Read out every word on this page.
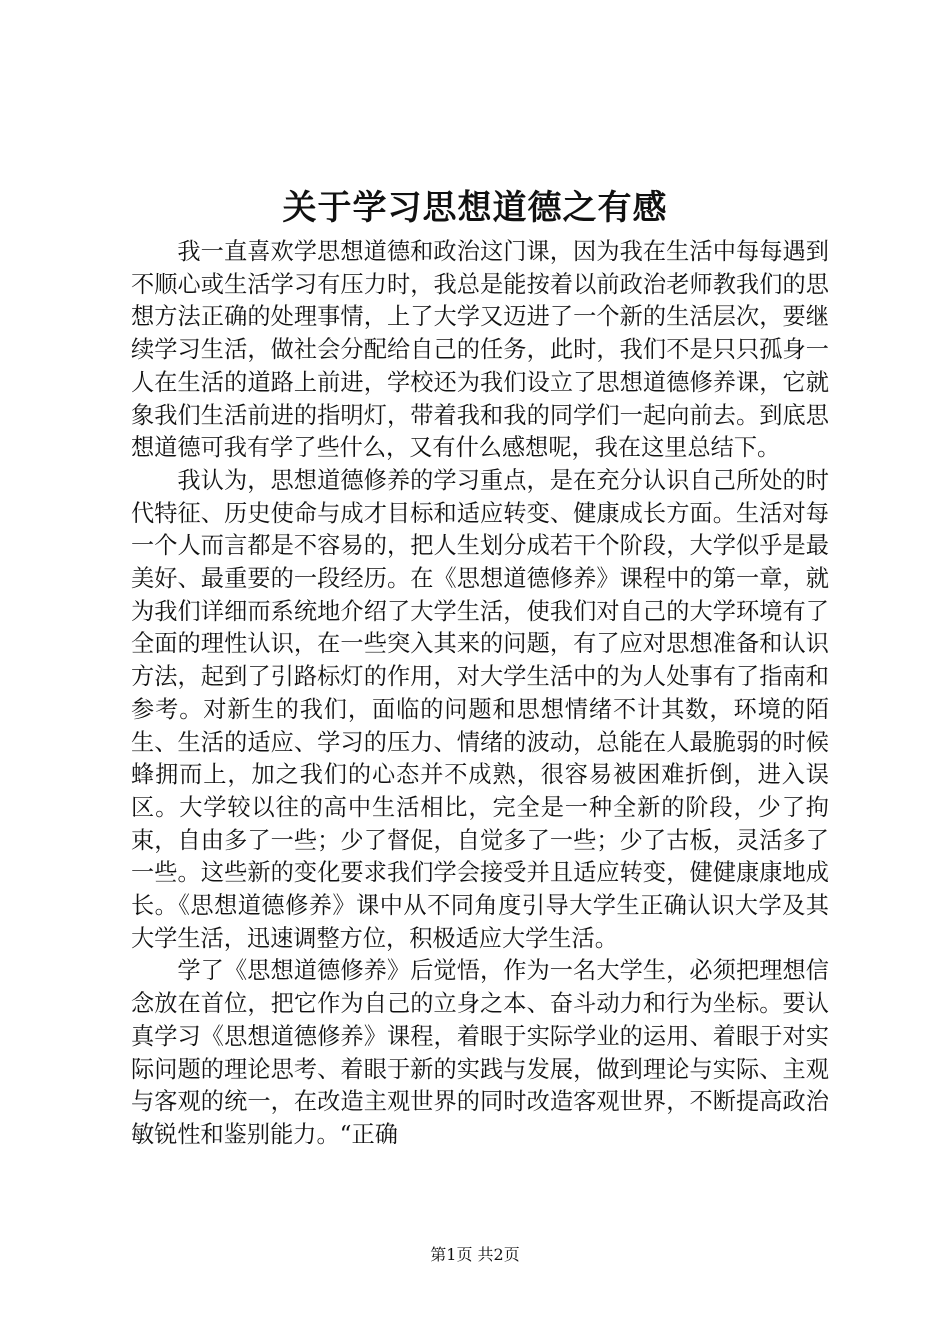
关于学习思想道德之有感

我一直喜欢学思想道德和政治这门课，因为我在生活中每每遇到不顺心或生活学习有压力时，我总是能按着以前政治老师教我们的思想方法正确的处理事情，上了大学又迈进了一个新的生活层次，要继续学习生活，做社会分配给自己的任务，此时，我们不是只只孤身一人在生活的道路上前进，学校还为我们设立了思想道德修养课，它就象我们生活前进的指明灯，带着我和我的同学们一起向前去。到底思想道德可我有学了些什么，又有什么感想呢，我在这里总结下。

我认为，思想道德修养的学习重点，是在充分认识自己所处的时代特征、历史使命与成才目标和适应转变、健康成长方面。生活对每一个人而言都是不容易的，把人生划分成若干个阶段，大学似乎是最美好、最重要的一段经历。在《思想道德修养》课程中的第一章，就为我们详细而系统地介绍了大学生活，使我们对自己的大学环境有了全面的理性认识，在一些突入其来的问题，有了应对思想准备和认识方法，起到了引路标灯的作用，对大学生活中的为人处事有了指南和参考。对新生的我们，面临的问题和思想情绪不计其数，环境的陌生、生活的适应、学习的压力、情绪的波动，总能在人最脆弱的时候蜂拥而上，加之我们的心态并不成熟，很容易被困难折倒，进入误区。大学较以往的高中生活相比，完全是一种全新的阶段，少了拘束，自由多了一些；少了督促，自觉多了一些；少了古板，灵活多了一些。这些新的变化要求我们学会接受并且适应转变，健健康康地成长。《思想道德修养》课中从不同角度引导大学生正确认识大学及其大学生活，迅速调整方位，积极适应大学生活。

学了《思想道德修养》后觉悟，作为一名大学生，必须把理想信念放在首位，把它作为自己的立身之本、奋斗动力和行为坐标。要认真学习《思想道德修养》课程，着眼于实际学业的运用、着眼于对实际问题的理论思考、着眼于新的实践与发展，做到理论与实际、主观与客观的统一，在改造主观世界的同时改造客观世界，不断提高政治敏锐性和鉴别能力。“正确

第1页 共2页
